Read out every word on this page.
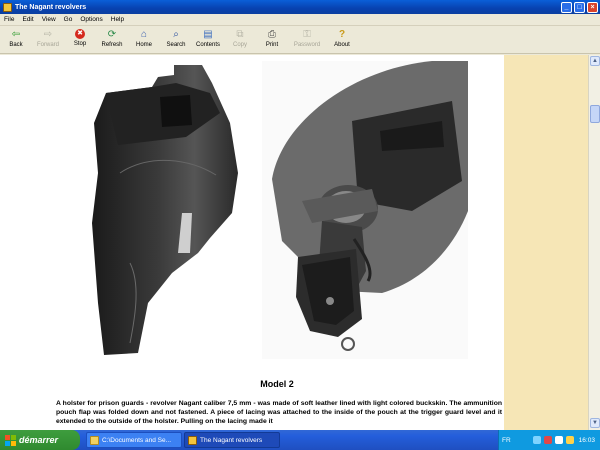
The Nagant revolvers	_	□	×
File	Edit	View	Go	Options	Help
⇦
Back
⇨
Forward
✖
Stop
⟳
Refresh
⌂
Home
⌕
Search
▤
Contents
⧉
Copy
⎙
Print
⚿
Password
?
About
Model 2
A holster for prison guards - revolver Nagant caliber 7,5 mm - was made of soft leather lined with light colored buckskin. The ammunition pouch flap was folded down and not fastened. A piece of lacing was attached to the inside of the pouch at the trigger guard level and it extended to the outside of the holster. Pulling on the lacing made it
▲
▼
démarrer	C:\Documents and Se...	The Nagant revolvers	FR	16:03
